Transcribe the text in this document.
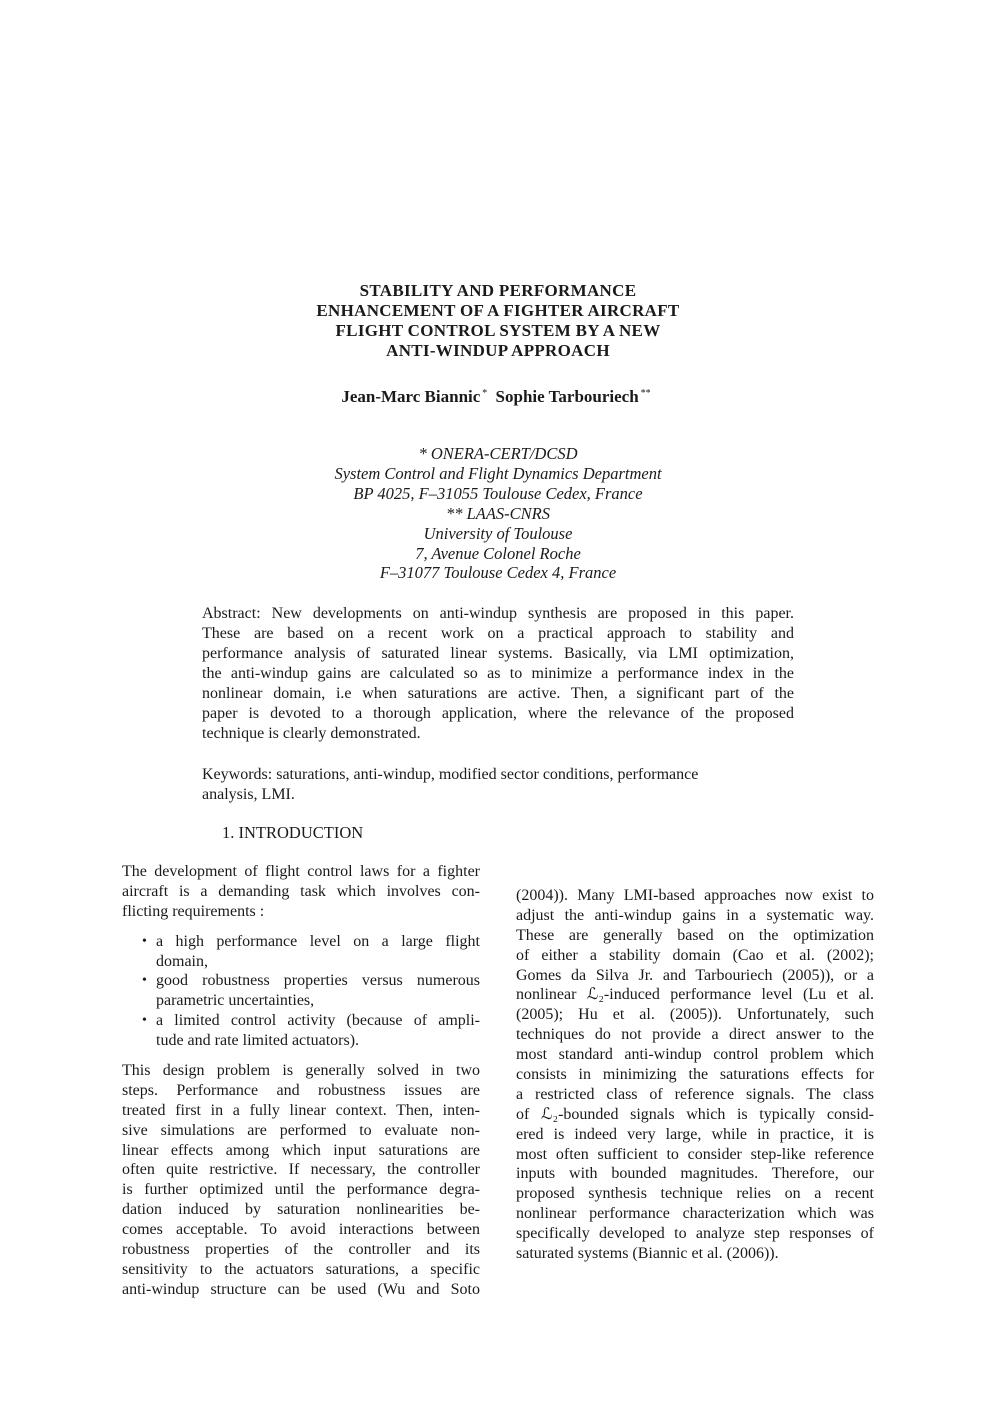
STABILITY AND PERFORMANCE
ENHANCEMENT OF A FIGHTER AIRCRAFT
FLIGHT CONTROL SYSTEM BY A NEW
ANTI-WINDUP APPROACH
Jean-Marc Biannic * Sophie Tarbouriech **
* ONERA-CERT/DCSD
System Control and Flight Dynamics Department
BP 4025, F–31055 Toulouse Cedex, France
** LAAS-CNRS
University of Toulouse
7, Avenue Colonel Roche
F–31077 Toulouse Cedex 4, France
Abstract: New developments on anti-windup synthesis are proposed in this paper.
These are based on a recent work on a practical approach to stability and
performance analysis of saturated linear systems. Basically, via LMI optimization,
the anti-windup gains are calculated so as to minimize a performance index in the
nonlinear domain, i.e when saturations are active. Then, a significant part of the
paper is devoted to a thorough application, where the relevance of the proposed
technique is clearly demonstrated.
Keywords: saturations, anti-windup, modified sector conditions, performance
analysis, LMI.
1. INTRODUCTION
The development of flight control laws for a fighter
aircraft is a demanding task which involves con-
flicting requirements :
• a high performance level on a large flight
domain,
• good robustness properties versus numerous
parametric uncertainties,
• a limited control activity (because of ampli-
tude and rate limited actuators).
This design problem is generally solved in two
steps. Performance and robustness issues are
treated first in a fully linear context. Then, inten-
sive simulations are performed to evaluate non-
linear effects among which input saturations are
often quite restrictive. If necessary, the controller
is further optimized until the performance degra-
dation induced by saturation nonlinearities be-
comes acceptable. To avoid interactions between
robustness properties of the controller and its
sensitivity to the actuators saturations, a specific
anti-windup structure can be used (Wu and Soto
(2004)). Many LMI-based approaches now exist to
adjust the anti-windup gains in a systematic way.
These are generally based on the optimization
of either a stability domain (Cao et al. (2002);
Gomes da Silva Jr. and Tarbouriech (2005)), or a
nonlinear ℒ₂-induced performance level (Lu et al.
(2005); Hu et al. (2005)). Unfortunately, such
techniques do not provide a direct answer to the
most standard anti-windup control problem which
consists in minimizing the saturations effects for
a restricted class of reference signals. The class
of ℒ₂-bounded signals which is typically consid-
ered is indeed very large, while in practice, it is
most often sufficient to consider step-like reference
inputs with bounded magnitudes. Therefore, our
proposed synthesis technique relies on a recent
nonlinear performance characterization which was
specifically developed to analyze step responses of
saturated systems (Biannic et al. (2006)).
